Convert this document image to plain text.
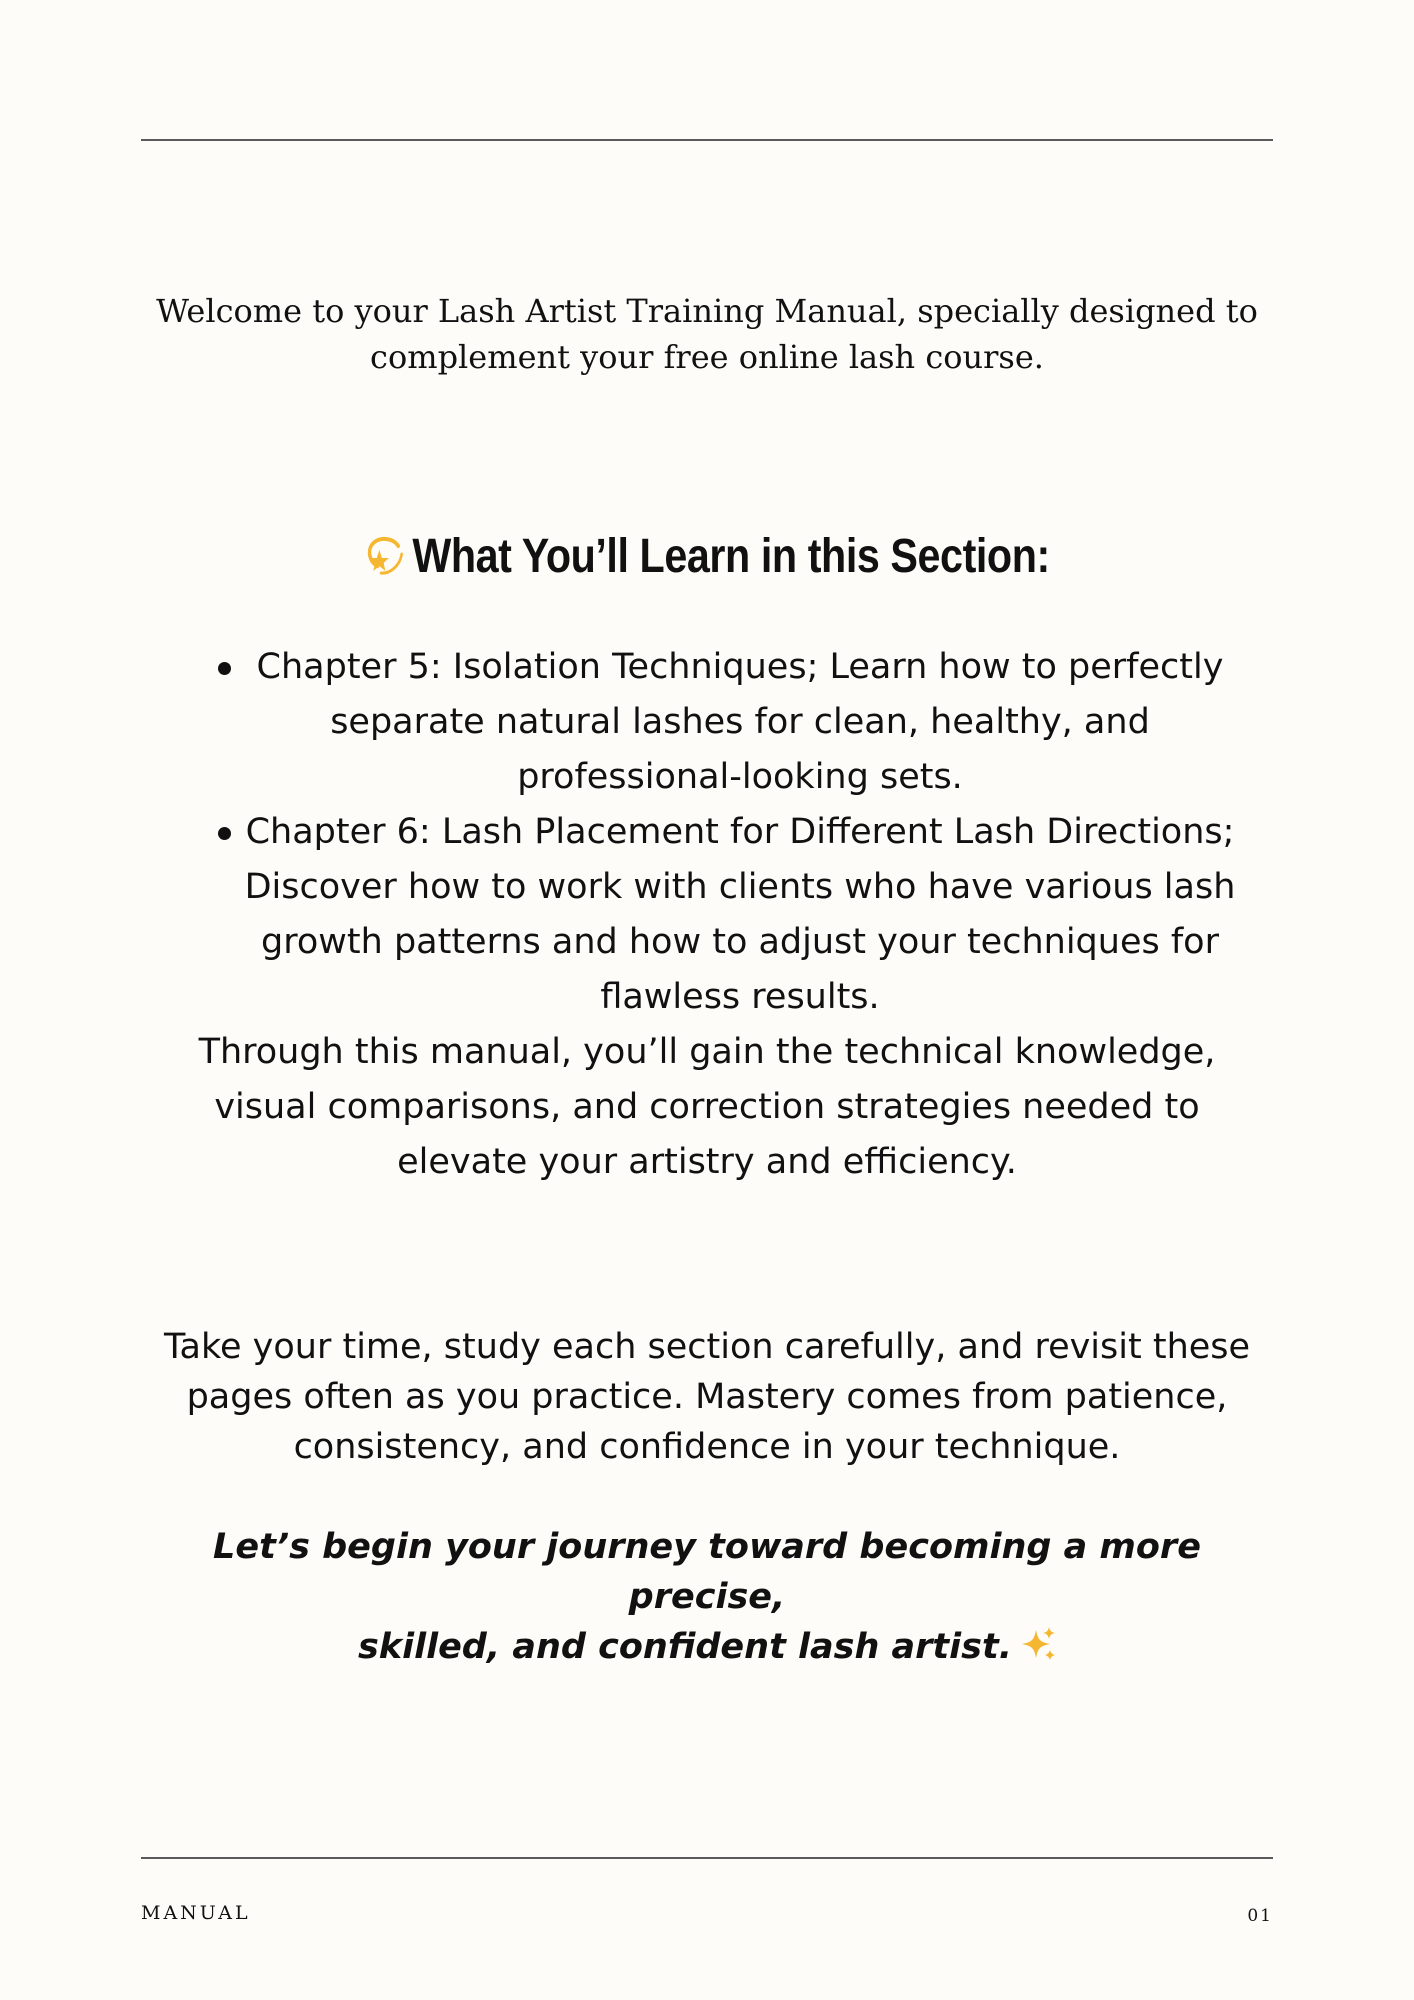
Welcome to your Lash Artist Training Manual, specially designed to

complement your free online lash course.

What You’ll Learn in this Section:
Chapter 5: Isolation Techniques; Learn how to perfectly
separate natural lashes for clean, healthy, and
professional-looking sets.
Chapter 6: Lash Placement for Different Lash Directions;
Discover how to work with clients who have various lash
growth patterns and how to adjust your techniques for
flawless results.

Through this manual, you’ll gain the technical knowledge,

visual comparisons, and correction strategies needed to

elevate your artistry and efficiency.

Take your time, study each section carefully, and revisit these

pages often as you practice. Mastery comes from patience,

consistency, and confidence in your technique.

Let’s begin your journey toward becoming a more precise,

skilled, and confident lash artist.

MANUAL	01
